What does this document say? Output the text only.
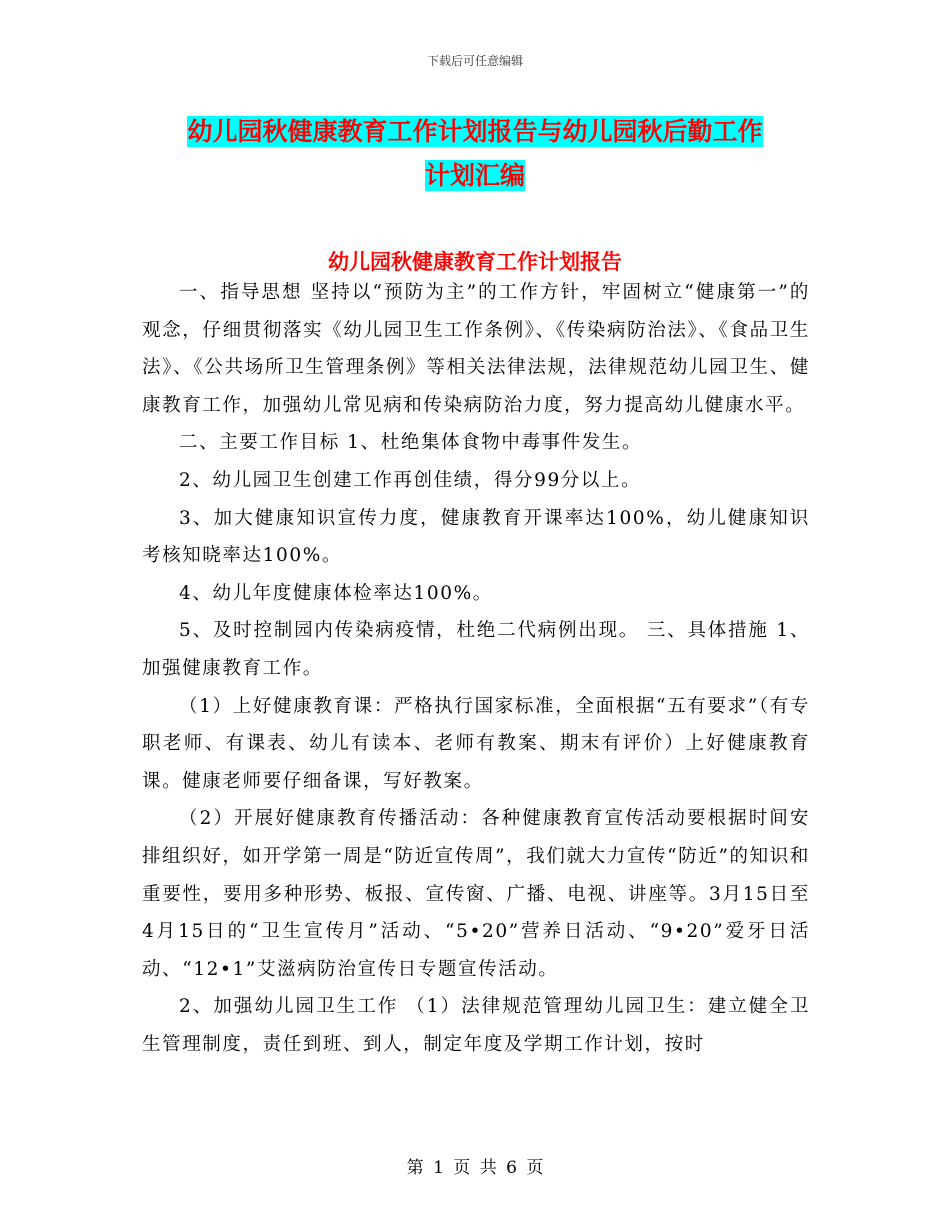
下载后可任意编辑
幼儿园秋健康教育工作计划报告与幼儿园秋后勤工作
计划汇编
幼儿园秋健康教育工作计划报告

一、指导思想 坚持以“预防为主”的工作方针，牢固树立“健康第一”的观念，仔细贯彻落实《幼儿园卫生工作条例》、《传染病防治法》、《食品卫生法》、《公共场所卫生管理条例》等相关法律法规，法律规范幼儿园卫生、健康教育工作，加强幼儿常见病和传染病防治力度，努力提高幼儿健康水平。

二、主要工作目标 1、杜绝集体食物中毒事件发生。

2、幼儿园卫生创建工作再创佳绩，得分99分以上。

3、加大健康知识宣传力度，健康教育开课率达100%，幼儿健康知识考核知晓率达100%。

4、幼儿年度健康体检率达100%。

5、及时控制园内传染病疫情，杜绝二代病例出现。 三、具体措施 1、加强健康教育工作。

（1）上好健康教育课：严格执行国家标准，全面根据“五有要求”（有专职老师、有课表、幼儿有读本、老师有教案、期末有评价）上好健康教育课。健康老师要仔细备课，写好教案。

（2）开展好健康教育传播活动：各种健康教育宣传活动要根据时间安排组织好，如开学第一周是“防近宣传周”，我们就大力宣传“防近”的知识和重要性，要用多种形势、板报、宣传窗、广播、电视、讲座等。3月15日至4月15日的“卫生宣传月”活动、“5•20”营养日活动、“9•20”爱牙日活动、“12•1”艾滋病防治宣传日专题宣传活动。

2、加强幼儿园卫生工作 （1）法律规范管理幼儿园卫生：建立健全卫生管理制度，责任到班、到人，制定年度及学期工作计划，按时

第 1 页 共 6 页
